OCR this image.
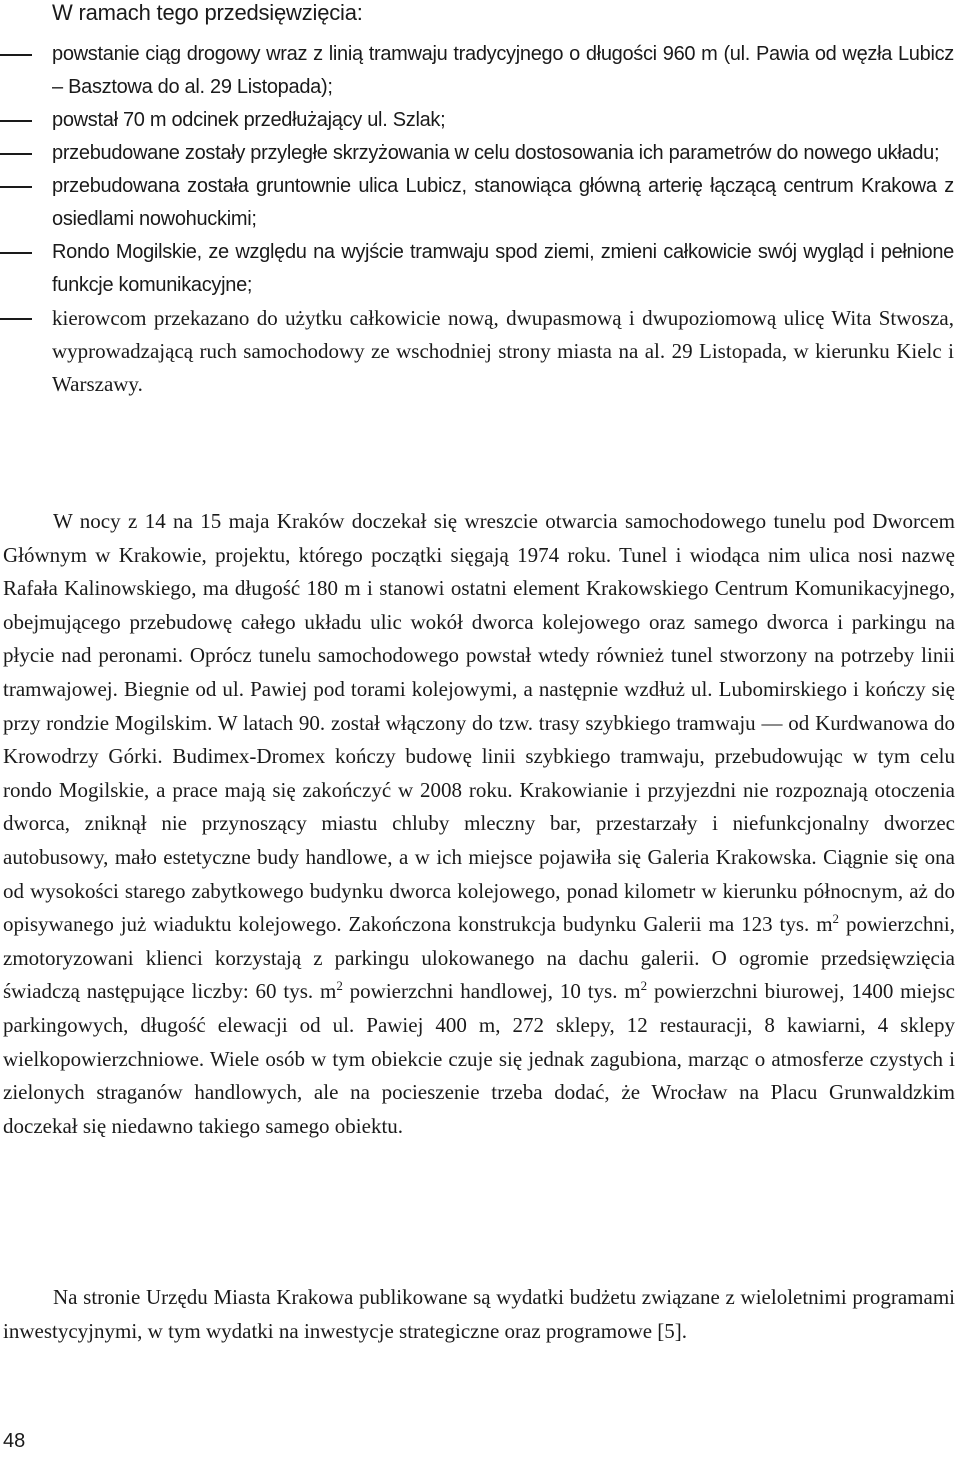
W ramach tego przedsięwzięcia:
powstanie ciąg drogowy wraz z linią tramwaju tradycyjnego o długości 960 m (ul. Pawia od węzła Lubicz – Basztowa do al. 29 Listopada);
powstał 70 m odcinek przedłużający ul. Szlak;
przebudowane zostały przyległe skrzyżowania w celu dostosowania ich parametrów do nowego układu;
przebudowana została gruntownie ulica Lubicz, stanowiąca główną arterię łączącą centrum Krakowa z osiedlami nowohuckimi;
Rondo Mogilskie, ze względu na wyjście tramwaju spod ziemi, zmieni całkowicie swój wygląd i pełnione funkcje komunikacyjne;
kierowcom przekazano do użytku całkowicie nową, dwupasmową i dwupoziomową ulicę Wita Stwosza, wyprowadzającą ruch samochodowy ze wschodniej strony miasta na al. 29 Listopada, w kierunku Kielc i Warszawy.

W nocy z 14 na 15 maja Kraków doczekał się wreszcie otwarcia samochodowego tunelu pod Dworcem Głównym w Krakowie, projektu, którego początki sięgają 1974 roku. Tunel i wiodąca nim ulica nosi nazwę Rafała Kalinowskiego, ma długość 180 m i stanowi ostatni element Krakowskiego Centrum Komunikacyjnego, obejmującego przebudowę całego układu ulic wokół dworca kolejowego oraz samego dworca i parkingu na płycie nad peronami. Oprócz tunelu samochodowego powstał wtedy również tunel stworzony na potrzeby linii tramwajowej. Biegnie od ul. Pawiej pod torami kolejowymi, a następnie wzdłuż ul. Lubomirskiego i kończy się przy rondzie Mogilskim. W latach 90. został włączony do tzw. trasy szybkiego tramwaju — od Kurdwanowa do Krowodrzy Górki. Budimex-Dromex kończy budowę linii szybkiego tramwaju, przebudowując w tym celu rondo Mogilskie, a prace mają się zakończyć w 2008 roku. Krakowianie i przyjezdni nie rozpoznają otoczenia dworca, zniknął nie przynoszący miastu chluby mleczny bar, przestarzały i niefunkcjonalny dworzec autobusowy, mało estetyczne budy handlowe, a w ich miejsce pojawiła się Galeria Krakowska. Ciągnie się ona od wysokości starego zabytkowego budynku dworca kolejowego, ponad kilometr w kierunku północnym, aż do opisywanego już wiaduktu kolejowego. Zakończona konstrukcja budynku Galerii ma 123 tys. $m^2$ powierzchni, zmotoryzowani klienci korzystają z parkingu ulokowanego na dachu galerii. O ogromie przedsięwzięcia świadczą następujące liczby: 60 tys. $m^2$ powierzchni handlowej, 10 tys. $m^2$ powierzchni biurowej, 1400 miejsc parkingowych, długość elewacji od ul. Pawiej 400 m, 272 sklepy, 12 restauracji, 8 kawiarni, 4 sklepy wielkopowierzchniowe. Wiele osób w tym obiekcie czuje się jednak zagubiona, marząc o atmosferze czystych i zielonych straganów handlowych, ale na pocieszenie trzeba dodać, że Wrocław na Placu Grunwaldzkim doczekał się niedawno takiego samego obiektu.

Na stronie Urzędu Miasta Krakowa publikowane są wydatki budżetu związane z wieloletnimi programami inwestycyjnymi, w tym wydatki na inwestycje strategiczne oraz programowe [5].

48
